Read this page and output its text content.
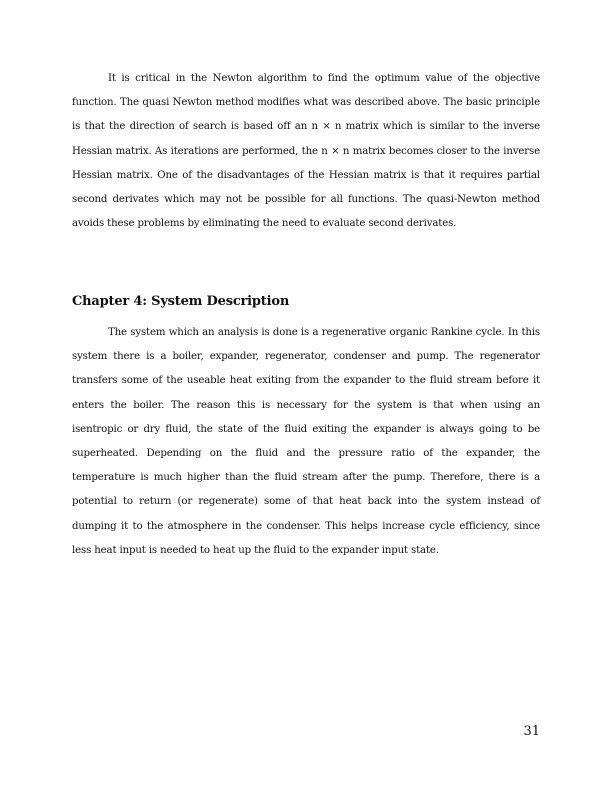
It is critical in the Newton algorithm to find the optimum value of the objective function. The quasi Newton method modifies what was described above. The basic principle is that the direction of search is based off an n × n matrix which is similar to the inverse Hessian matrix. As iterations are performed, the n × n matrix becomes closer to the inverse Hessian matrix. One of the disadvantages of the Hessian matrix is that it requires partial second derivates which may not be possible for all functions. The quasi-Newton method avoids these problems by eliminating the need to evaluate second derivates.

Chapter 4: System Description

The system which an analysis is done is a regenerative organic Rankine cycle. In this system there is a boiler, expander, regenerator, condenser and pump. The regenerator transfers some of the useable heat exiting from the expander to the fluid stream before it enters the boiler. The reason this is necessary for the system is that when using an isentropic or dry fluid, the state of the fluid exiting the expander is always going to be superheated. Depending on the fluid and the pressure ratio of the expander, the temperature is much higher than the fluid stream after the pump. Therefore, there is a potential to return (or regenerate) some of that heat back into the system instead of dumping it to the atmosphere in the condenser. This helps increase cycle efficiency, since less heat input is needed to heat up the fluid to the expander input state.

31
